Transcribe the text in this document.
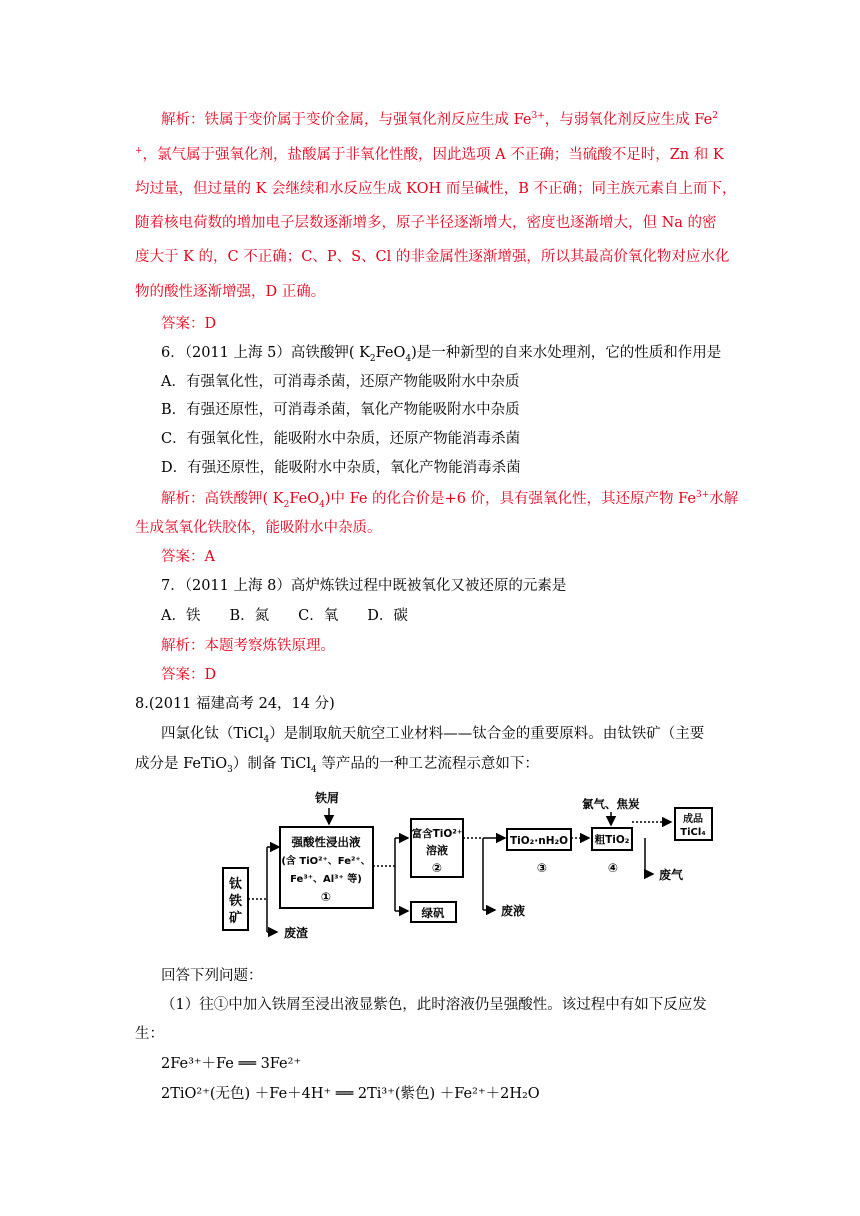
解析：铁属于变价属于变价金属，与强氧化剂反应生成 $Fe^{3+}$，与弱氧化剂反应生成 Fe$^2$
+，氯气属于强氧化剂，盐酸属于非氧化性酸，因此选项 A 不正确；当硫酸不足时，Zn 和 K
均过量，但过量的 K 会继续和水反应生成 KOH 而呈碱性，B 不正确；同主族元素自上而下，
随着核电荷数的增加电子层数逐渐增多，原子半径逐渐增大，密度也逐渐增大，但 Na 的密
度大于 K 的，C 不正确；C、P、S、Cl 的非金属性逐渐增强，所以其最高价氧化物对应水化
物的酸性逐渐增强，D 正确。
答案：D
6．（2011 上海 5）高铁酸钾( $K_2FeO_4$)是一种新型的自来水处理剂，它的性质和作用是
A．有强氧化性，可消毒杀菌，还原产物能吸附水中杂质
B．有强还原性，可消毒杀菌，氧化产物能吸附水中杂质
C．有强氧化性，能吸附水中杂质，还原产物能消毒杀菌
D．有强还原性，能吸附水中杂质，氧化产物能消毒杀菌
解析：高铁酸钾( $K_2FeO_4$)中 Fe 的化合价是+6 价，具有强氧化性，其还原产物 $Fe^{3+}$水解
生成氢氧化铁胶体，能吸附水中杂质。
答案：A
7．（2011 上海 8）高炉炼铁过程中既被氧化又被还原的元素是
A．铁　　B．氮　　C．氧　　D．碳
解析：本题考察炼铁原理。
答案：D
8.(2011 福建高考 24，14 分)
四氯化钛（TiCl$_4$）是制取航天航空工业材料——钛合金的重要原料。由钛铁矿（主要
成分是 FeTiO$_3$）制备 TiCl$_4$ 等产品的一种工艺流程示意如下：
钛
铁
矿
废渣
铁屑
强酸性浸出液
(含 TiO²⁺、Fe²⁺、
Fe³⁺、Al³⁺ 等)
①
富含TiO²⁺
溶液
②
绿矾	废液
TiO₂·nH₂O
③
氯气、焦炭
粗TiO₂
④	废气
成品
TiCl₄
回答下列问题：
（1）往①中加入铁屑至浸出液显紫色，此时溶液仍呈强酸性。该过程中有如下反应发
生：
2Fe³⁺＋Fe ══ 3Fe²⁺
2TiO²⁺(无色) ＋Fe＋4H⁺ ══ 2Ti³⁺(紫色) ＋Fe²⁺＋2H₂O
